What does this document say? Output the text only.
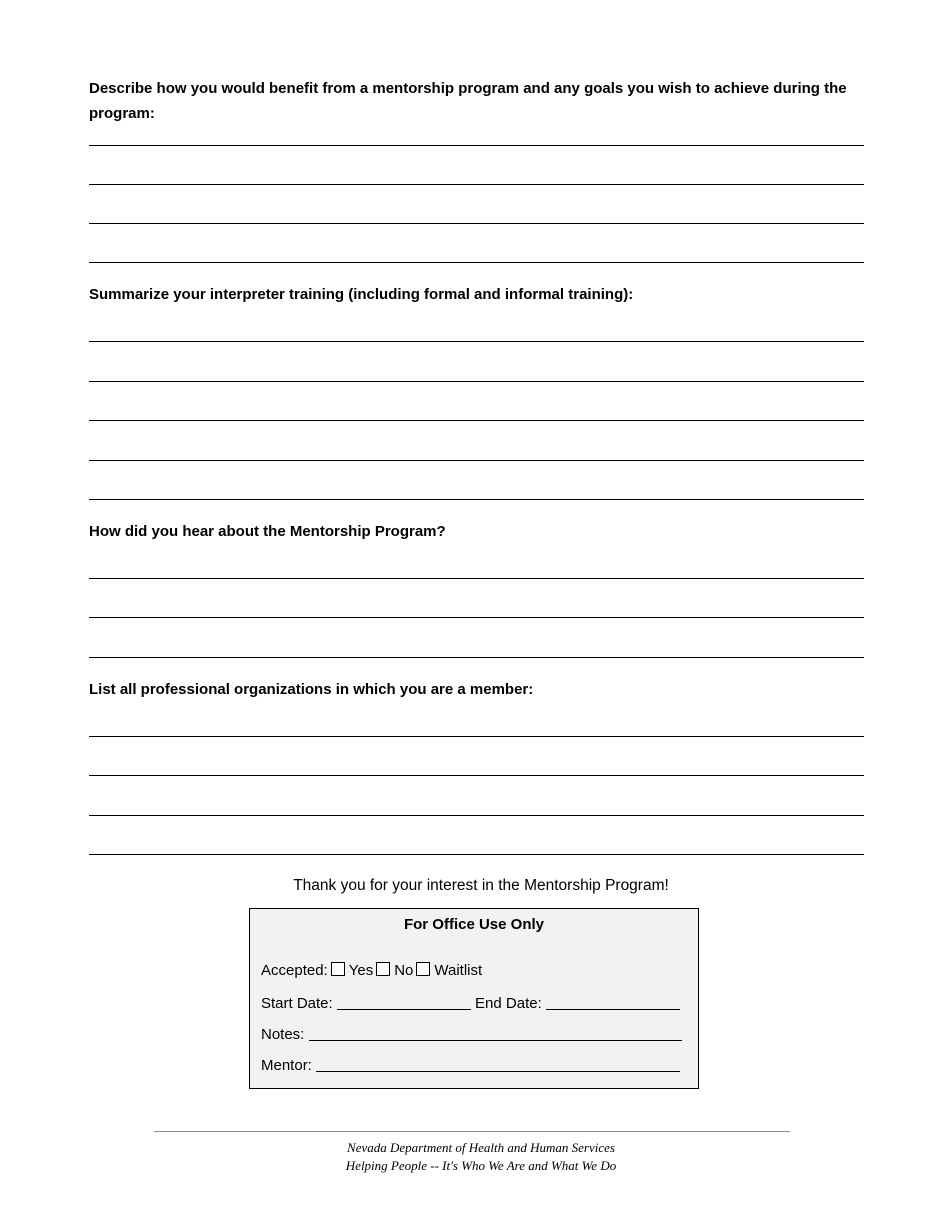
Describe how you would benefit from a mentorship program and any goals you wish to achieve during the program:
Summarize your interpreter training (including formal and informal training):
How did you hear about the Mentorship Program?
List all professional organizations in which you are a member:
Thank you for your interest in the Mentorship Program!
For Office Use Only
Accepted: Yes No Waitlist
Start Date:	End Date:
Notes:
Mentor:
Nevada Department of Health and Human Services
Helping People -- It's Who We Are and What We Do
